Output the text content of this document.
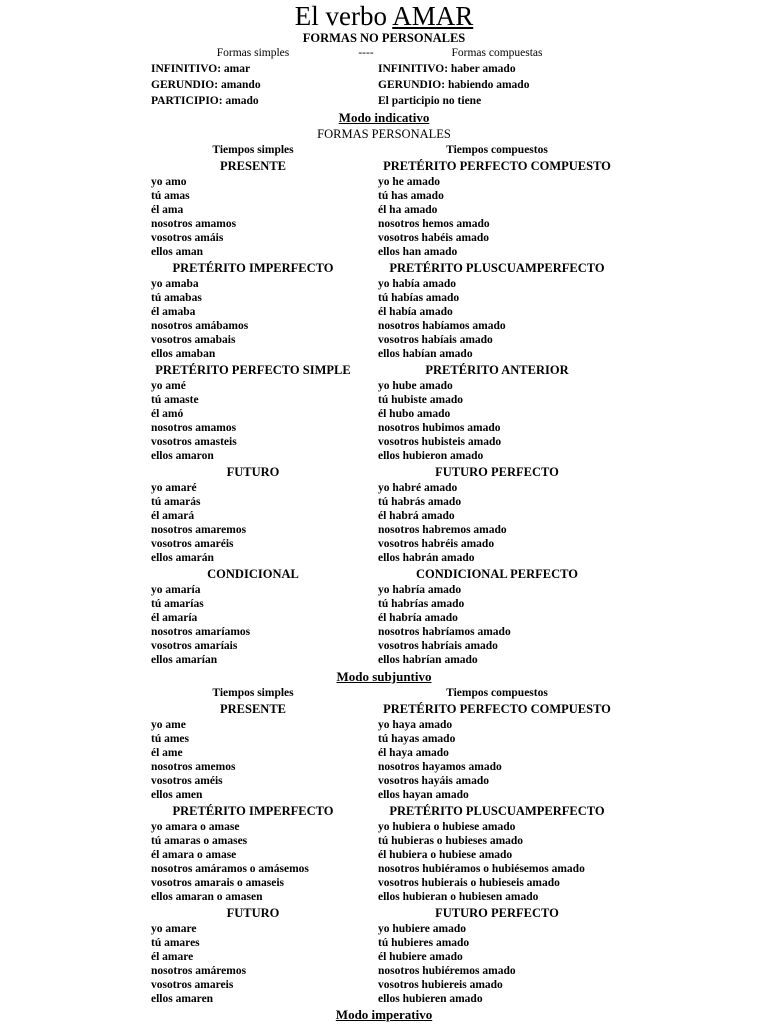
El verbo AMAR
FORMAS NO PERSONALES
Formas simples	----	Formas compuestas
INFINITIVO: amar	INFINITIVO: haber amado
GERUNDIO: amando	GERUNDIO: habiendo amado
PARTICIPIO: amado	El participio no tiene
Modo indicativo
FORMAS PERSONALES
Tiempos simples	Tiempos compuestos
PRESENTE	PRETÉRITO PERFECTO COMPUESTO
yo amo	yo he amado
tú amas	tú has amado
él ama	él ha amado
nosotros amamos	nosotros hemos amado
vosotros amáis	vosotros habéis amado
ellos aman	ellos han amado
PRETÉRITO IMPERFECTO	PRETÉRITO PLUSCUAMPERFECTO
yo amaba	yo había amado
tú amabas	tú habías amado
él amaba	él había amado
nosotros amábamos	nosotros habíamos amado
vosotros amabais	vosotros habíais amado
ellos amaban	ellos habían amado
PRETÉRITO PERFECTO SIMPLE	PRETÉRITO ANTERIOR
yo amé	yo hube amado
tú amaste	tú hubiste amado
él amó	él hubo amado
nosotros amamos	nosotros hubimos amado
vosotros amasteis	vosotros hubisteis amado
ellos amaron	ellos hubieron amado
FUTURO	FUTURO PERFECTO
yo amaré	yo habré amado
tú amarás	tú habrás amado
él amará	él habrá amado
nosotros amaremos	nosotros habremos amado
vosotros amaréis	vosotros habréis amado
ellos amarán	ellos habrán amado
CONDICIONAL	CONDICIONAL PERFECTO
yo amaría	yo habría amado
tú amarías	tú habrías amado
él amaría	él habría amado
nosotros amaríamos	nosotros habríamos amado
vosotros amaríais	vosotros habríais amado
ellos amarían	ellos habrían amado
Modo subjuntivo
Tiempos simples	Tiempos compuestos
PRESENTE	PRETÉRITO PERFECTO COMPUESTO
yo ame	yo haya amado
tú ames	tú hayas amado
él ame	él haya amado
nosotros amemos	nosotros hayamos amado
vosotros améis	vosotros hayáis amado
ellos amen	ellos hayan amado
PRETÉRITO IMPERFECTO	PRETÉRITO PLUSCUAMPERFECTO
yo amara o amase	yo hubiera o hubiese amado
tú amaras o amases	tú hubieras o hubieses amado
él amara o amase	él hubiera o hubiese amado
nosotros amáramos o amásemos	nosotros hubiéramos o hubiésemos amado
vosotros amarais o amaseis	vosotros hubierais o hubieseis amado
ellos amaran o amasen	ellos hubieran o hubiesen amado
FUTURO	FUTURO PERFECTO
yo amare	yo hubiere amado
tú amares	tú hubieres amado
él amare	él hubiere amado
nosotros amáremos	nosotros hubiéremos amado
vosotros amareis	vosotros hubiereis amado
ellos amaren	ellos hubieren amado
Modo imperativo
